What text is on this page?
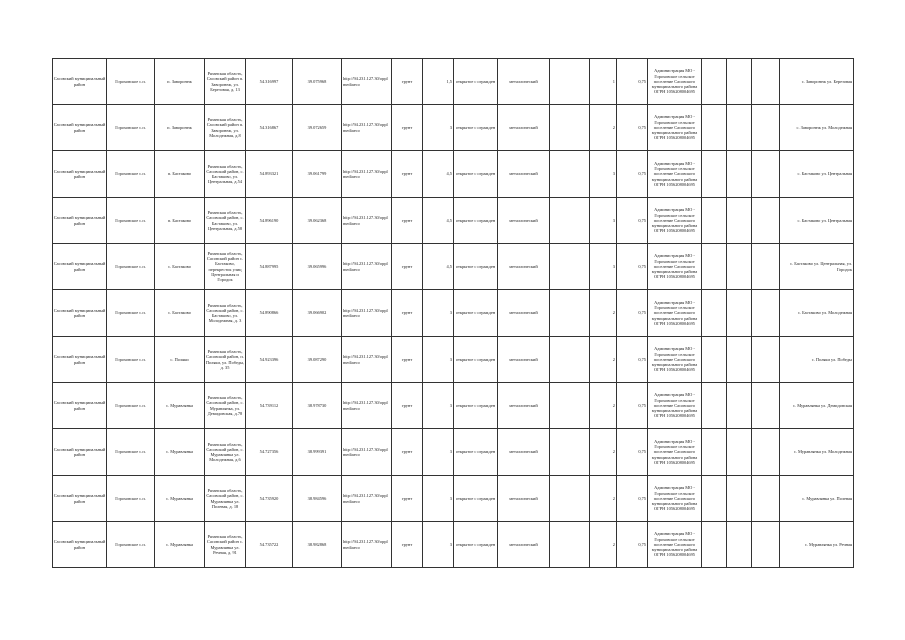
Сасовский муниципальный район	Гороховское с.п.	п. Заворонеж	Рязанская область, Сасовский район п. Заворонеж, ул. Березовая, д. 13	54.316997	39.075968	http://94.231.127.30/oppl mediaeco	грунт	1,5	открытое с огражден	металлический		1	0,75	Администрация МО - Гороховское сельское поселение Сасовского муниципального района ОГРН 1056208004695				с. Заворонеж ул. Березовая
Сасовский муниципальный район	Гороховское с.п.	п. Заворонеж	Рязанская область, Сасовский район п. Заворонеж, ул. Молодежная, д.8	54.316867	39.072659	http://94.231.127.30/oppl mediaeco	грунт	3	открытое с огражден	металлический		2	0,75	Администрация МО - Гороховское сельское поселение Сасовского муниципального района ОГРН 1056208004695				с. Заворонеж ул. Молодежная
Сасовский муниципальный район	Гороховское с.п.	п. Бастаково	Рязанская область, Сасовский район, с. Бастаково, ул. Центральная, д.54	54.893321	39.061799	http://94.231.127.30/oppl mediaeco	грунт	4,5	открытое с огражден	металлический		3	0,75	Администрация МО - Гороховское сельское поселение Сасовского муниципального района ОГРН 1056208004695				с. Бастаково ул. Центральная
Сасовский муниципальный район	Гороховское с.п.	п. Бастаково	Рязанская область, Сасовский район, с. Бастаково, ул. Центральная, д.58	54.896190	39.062368	http://94.231.127.30/oppl mediaeco	грунт	4,5	открытое с огражден	металлический		3	0,75	Администрация МО - Гороховское сельское поселение Сасовского муниципального района ОГРН 1056208004695				с. Бастаково ул. Центральная
Сасовский муниципальный район	Гороховское с.п.	с. Бастаково	Рязанская область, Сасовский район с. Бастаково, перекресток улиц Центральная и Городок	54.887995	39.065996	http://94.231.127.30/oppl mediaeco	грунт	4,5	открытое с огражден	металлический		3	0,75	Администрация МО - Гороховское сельское поселение Сасовского муниципального района ОГРН 1056208004695				с. Бастаково ул. Центральная, ул. Городок
Сасовский муниципальный район	Гороховское с.п.	с. Бастаково	Рязанская область, Сасовский район, с. Бастаково, ул. Молодежная, д. 3	54.890866	39.066902	http://94.231.127.30/oppl mediaeco	грунт	3	открытое с огражден	металлический		2	0,75	Администрация МО - Гороховское сельское поселение Сасовского муниципального района ОГРН 1056208004695				с. Бастаково ул. Молодежная
Сасовский муниципальный район	Гороховское с.п.	с. Поляки	Рязанская область, Сасовский район, п. Поляки, ул. Победы, д. 35	54.923396	39.087290	http://94.231.127.30/oppl mediaeco	грунт	3	открытое с огражден	металлический		2	0,75	Администрация МО - Гороховское сельское поселение Сасовского муниципального района ОГРН 1056208004695				с. Поляки ул. Победы
Сасовский муниципальный район	Гороховское с.п.	с. Муравлянка	Рязанская область, Сасовский район, с. Муравлянка, ул. Демидовская, д.78	54.739112	38.978730	http://94.231.127.30/oppl mediaeco	грунт	3	открытое с огражден	металлический		2	0,75	Администрация МО - Гороховское сельское поселение Сасовского муниципального района ОГРН 1056208004695				с. Муравлянка ул. Демидовская
Сасовский муниципальный район	Гороховское с.п.	с. Муравлянка	Рязанская область, Сасовский район, с. Муравлянка ул. Молодежная, д.6	54.727356	38.999391	http://94.231.127.30/oppl mediaeco	грунт	3	открытое с огражден	металлический		2	0,75	Администрация МО - Гороховское сельское поселение Сасовского муниципального района ОГРН 1056208004695				с. Муравлянка ул. Молодежная
Сасовский муниципальный район	Гороховское с.п.	с. Муравлянка	Рязанская область, Сасовский район, с. Муравлянка ул. Полевая, д. 18	54.735920	38.984596	http://94.231.127.30/oppl mediaeco	грунт	3	открытое с огражден	металлический		2	0,75	Администрация МО - Гороховское сельское поселение Сасовского муниципального района ОГРН 1056208004695				с. Муравлянка ул. Полевая
Сасовский муниципальный район	Гороховское с.п.	с. Муравлянка	Рязанская область, Сасовский район с. Муравлянка ул. Речная, д. 91	54.735722	38.982868	http://94.231.127.30/oppl mediaeco	грунт	3	открытое с огражден	металлический		2	0,75	Администрация МО - Гороховское сельское поселение Сасовского муниципального района ОГРН 1056208004695				с. Муравлянка ул. Речная
